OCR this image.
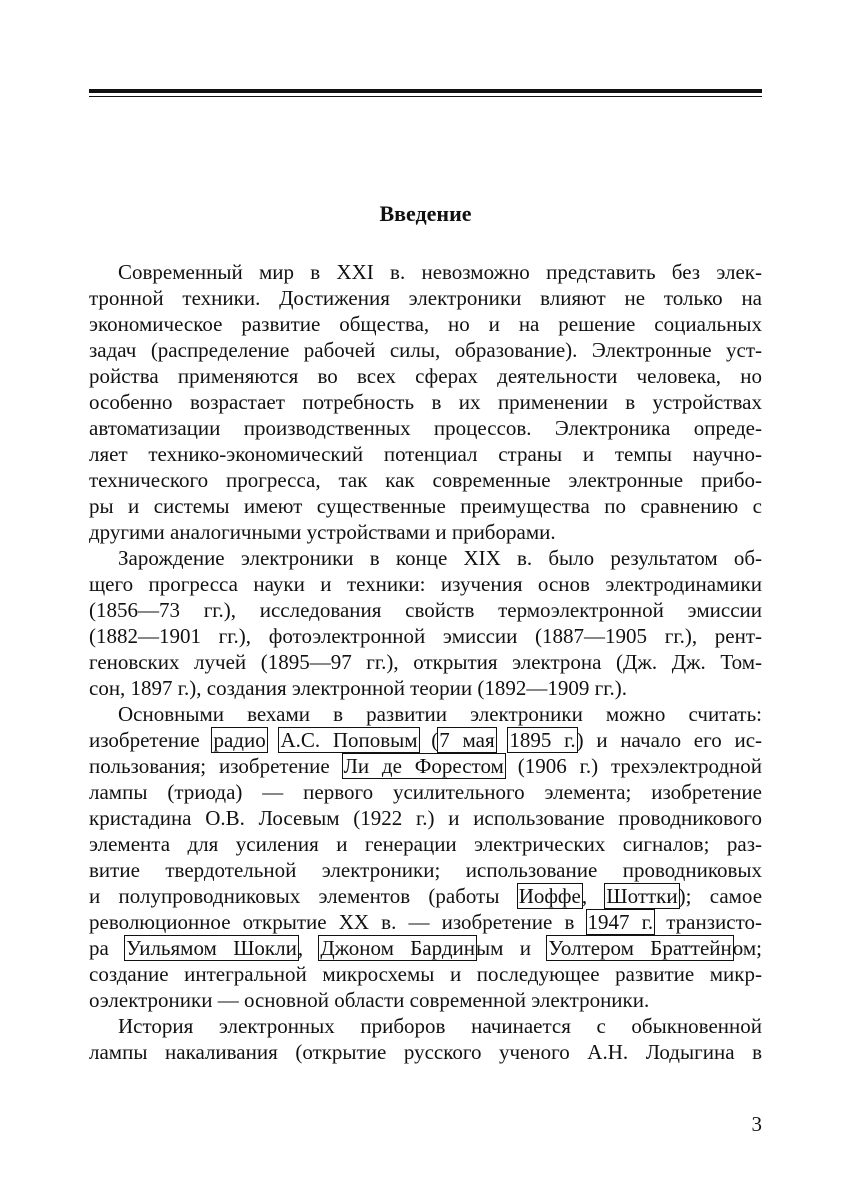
Введение
Современный мир в XXI в. невозможно представить без элек-
тронной техники. Достижения электроники влияют не только на
экономическое развитие общества, но и на решение социальных
задач (распределение рабочей силы, образование). Электронные уст-
ройства применяются во всех сферах деятельности человека, но
особенно возрастает потребность в их применении в устройствах
автоматизации производственных процессов. Электроника опреде-
ляет технико-экономический потенциал страны и темпы научно-
технического прогресса, так как современные электронные прибо-
ры и системы имеют существенные преимущества по сравнению с
другими аналогичными устройствами и приборами.
Зарождение электроники в конце XIX в. было результатом об-
щего прогресса науки и техники: изучения основ электродинамики
(1856—73 гг.), исследования свойств термоэлектронной эмиссии
(1882—1901 гг.), фотоэлектронной эмиссии (1887—1905 гг.), рент-
геновских лучей (1895—97 гг.), открытия электрона (Дж. Дж. Том-
сон, 1897 г.), создания электронной теории (1892—1909 гг.).
Основными вехами в развитии электроники можно считать:
изобретение радио А.С. Поповым (7 мая 1895 г.) и начало его ис-
пользования; изобретение Ли де Форестом (1906 г.) трехэлектродной
лампы (триода) — первого усилительного элемента; изобретение
кристадина О.В. Лосевым (1922 г.) и использование проводникового
элемента для усиления и генерации электрических сигналов; раз-
витие твердотельной электроники; использование проводниковых
и полупроводниковых элементов (работы Иоффе, Шоттки); самое
революционное открытие XX в. — изобретение в 1947 г. транзисто-
ра Уильямом Шокли, Джоном Бардиным и Уолтером Браттейном;
создание интегральной микросхемы и последующее развитие микр-
оэлектроники — основной области современной электроники.
История электронных приборов начинается с обыкновенной
лампы накаливания (открытие русского ученого А.Н. Лодыгина в
3
